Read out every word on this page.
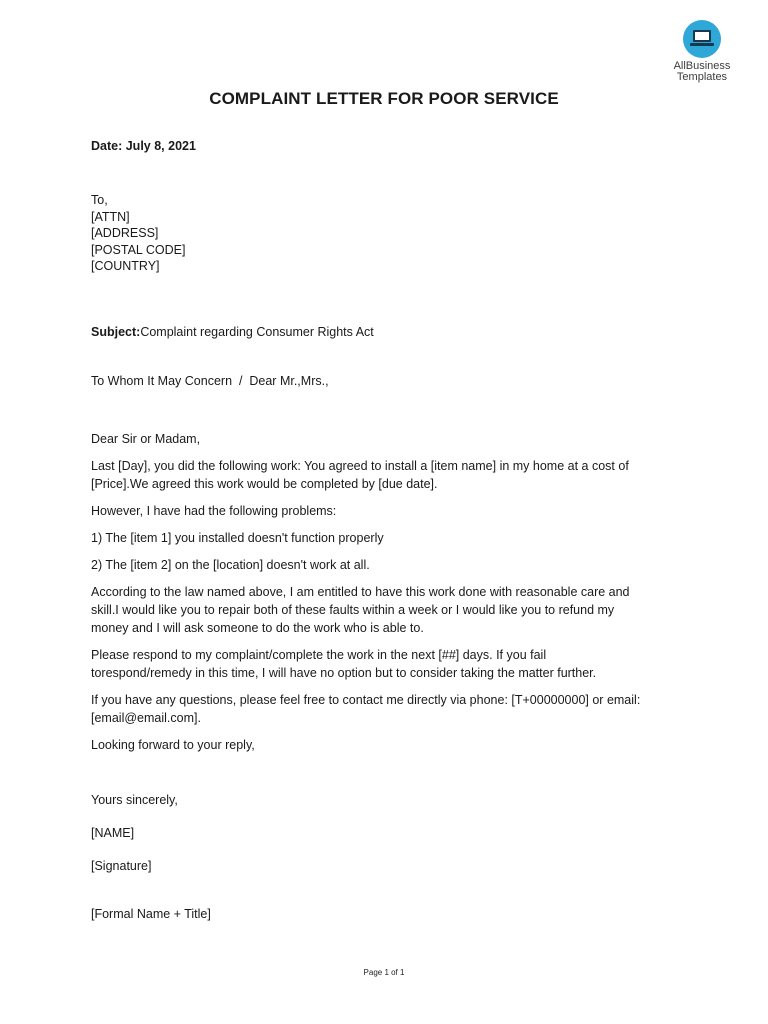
AllBusiness
Templates
COMPLAINT LETTER FOR POOR SERVICE
Date: July 8, 2021
To,
[ATTN]
[ADDRESS]
[POSTAL CODE]
[COUNTRY]
Subject:Complaint regarding Consumer Rights Act
To Whom It May Concern  /  Dear Mr.,Mrs.,
Dear Sir or Madam,
Last [Day], you did the following work: You agreed to install a [item name] in my home at a cost of
[Price].We agreed this work would be completed by [due date].
However, I have had the following problems:
1) The [item 1] you installed doesn't function properly
2) The [item 2] on the [location] doesn't work at all.
According to the law named above, I am entitled to have this work done with reasonable care and
skill.I would like you to repair both of these faults within a week or I would like you to refund my
money and I will ask someone to do the work who is able to.
Please respond to my complaint/complete the work in the next [##] days. If you fail
torespond/remedy in this time, I will have no option but to consider taking the matter further.
If you have any questions, please feel free to contact me directly via phone: [T+00000000] or email:
[email@email.com].
Looking forward to your reply,
Yours sincerely,
[NAME]
[Signature]
[Formal Name + Title]
Page 1 of 1
